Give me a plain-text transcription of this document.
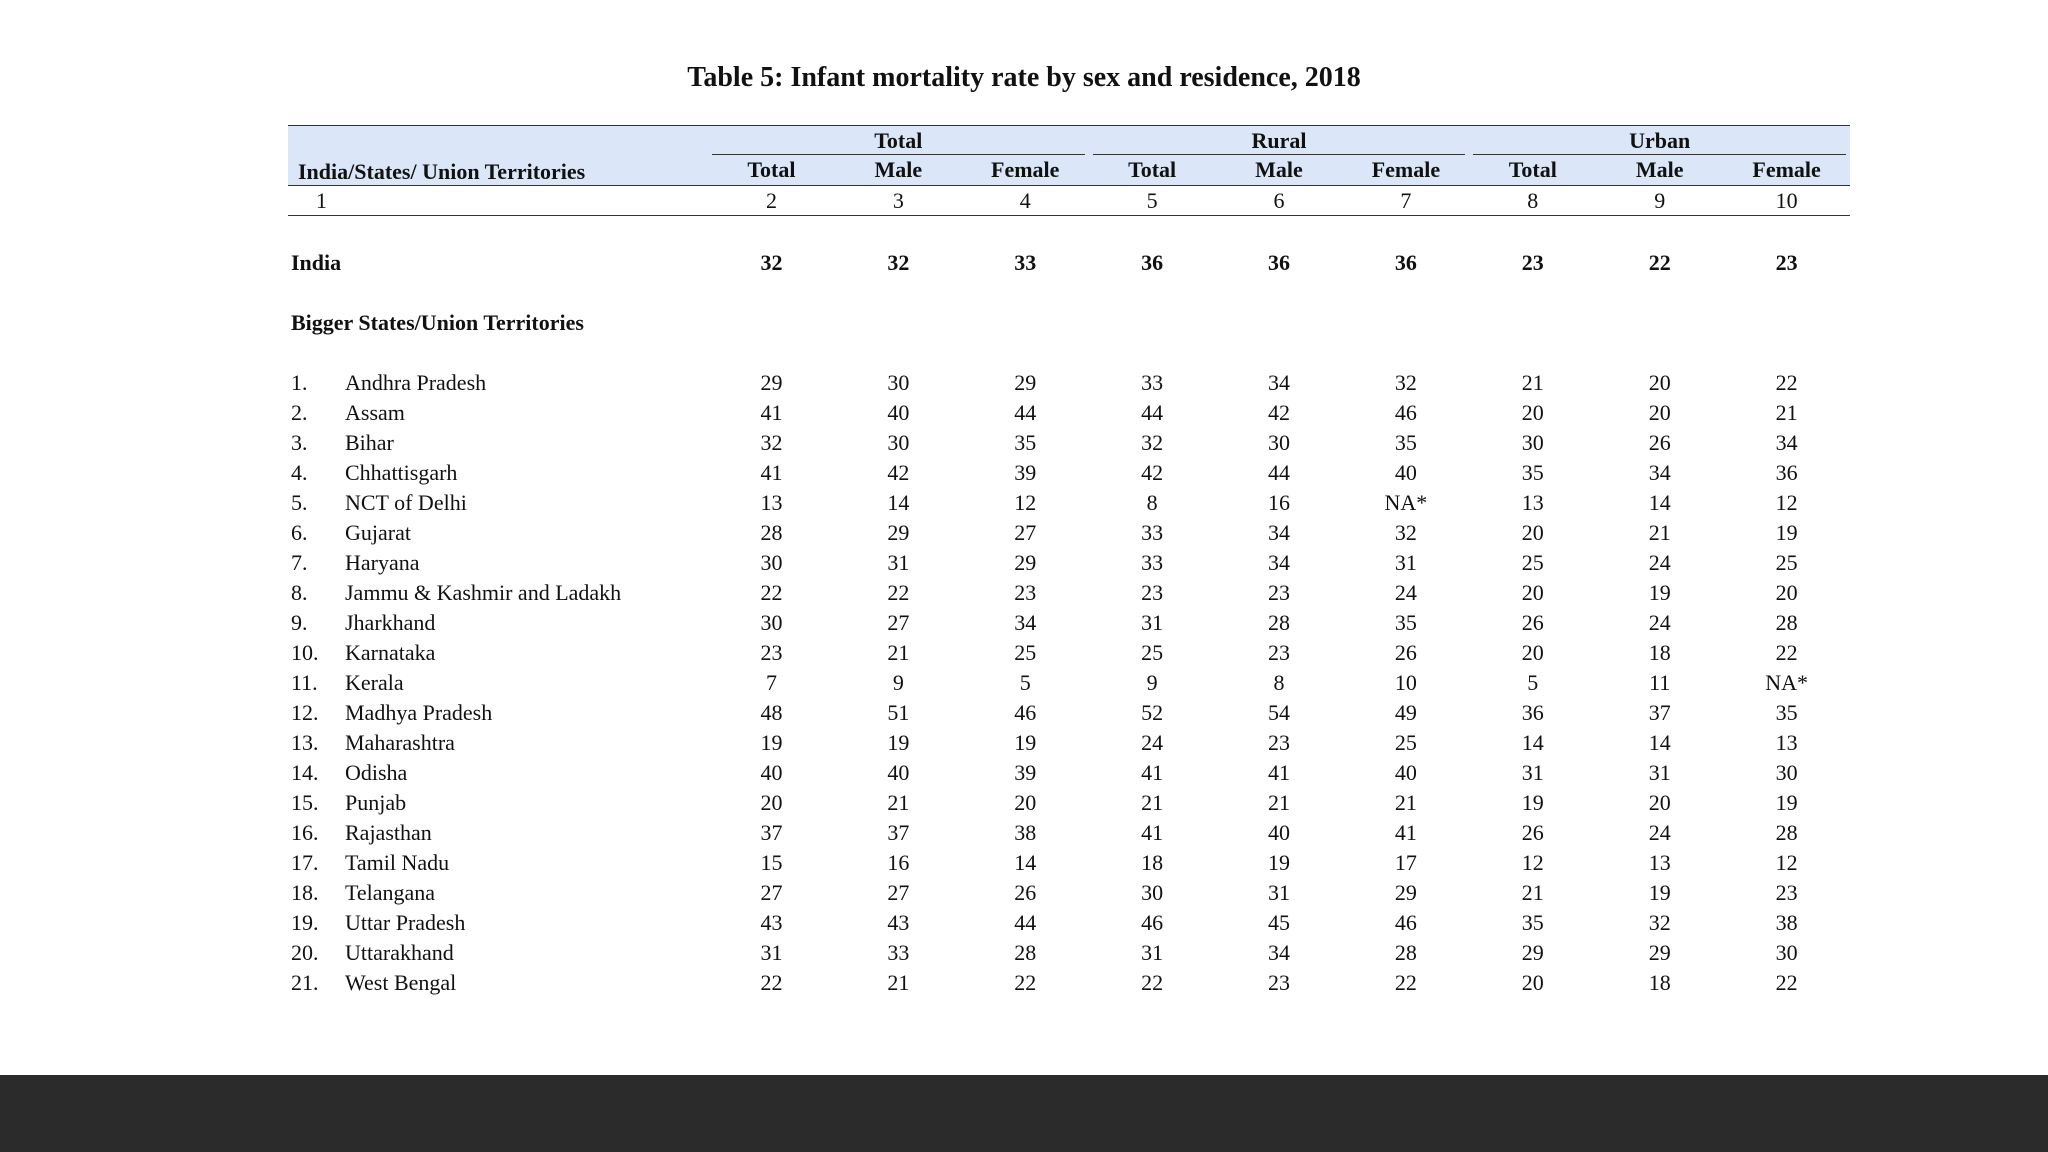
Table 5: Infant mortality rate by sex and residence, 2018
	Total			Rural			Urban		

India/States/ Union Territories	Total	Male	Female	Total	Male	Female	Total	Male	Female
1	2	3	4	5	6	7	8	9	10

India	32	32	33	36	36	36	23	22	23

Bigger States/Union Territories									

1. Andhra Pradesh	29	30	29	33	34	32	21	20	22
2. Assam	41	40	44	44	42	46	20	20	21
3. Bihar	32	30	35	32	30	35	30	26	34
4. Chhattisgarh	41	42	39	42	44	40	35	34	36
5. NCT of Delhi	13	14	12	8	16	NA*	13	14	12
6. Gujarat	28	29	27	33	34	32	20	21	19
7. Haryana	30	31	29	33	34	31	25	24	25
8. Jammu & Kashmir and Ladakh	22	22	23	23	23	24	20	19	20
9. Jharkhand	30	27	34	31	28	35	26	24	28
10. Karnataka	23	21	25	25	23	26	20	18	22
11. Kerala	7	9	5	9	8	10	5	11	NA*
12. Madhya Pradesh	48	51	46	52	54	49	36	37	35
13. Maharashtra	19	19	19	24	23	25	14	14	13
14. Odisha	40	40	39	41	41	40	31	31	30
15. Punjab	20	21	20	21	21	21	19	20	19
16. Rajasthan	37	37	38	41	40	41	26	24	28
17. Tamil Nadu	15	16	14	18	19	17	12	13	12
18. Telangana	27	27	26	30	31	29	21	19	23
19. Uttar Pradesh	43	43	44	46	45	46	35	32	38
20. Uttarakhand	31	33	28	31	34	28	29	29	30
21. West Bengal	22	21	22	22	23	22	20	18	22
